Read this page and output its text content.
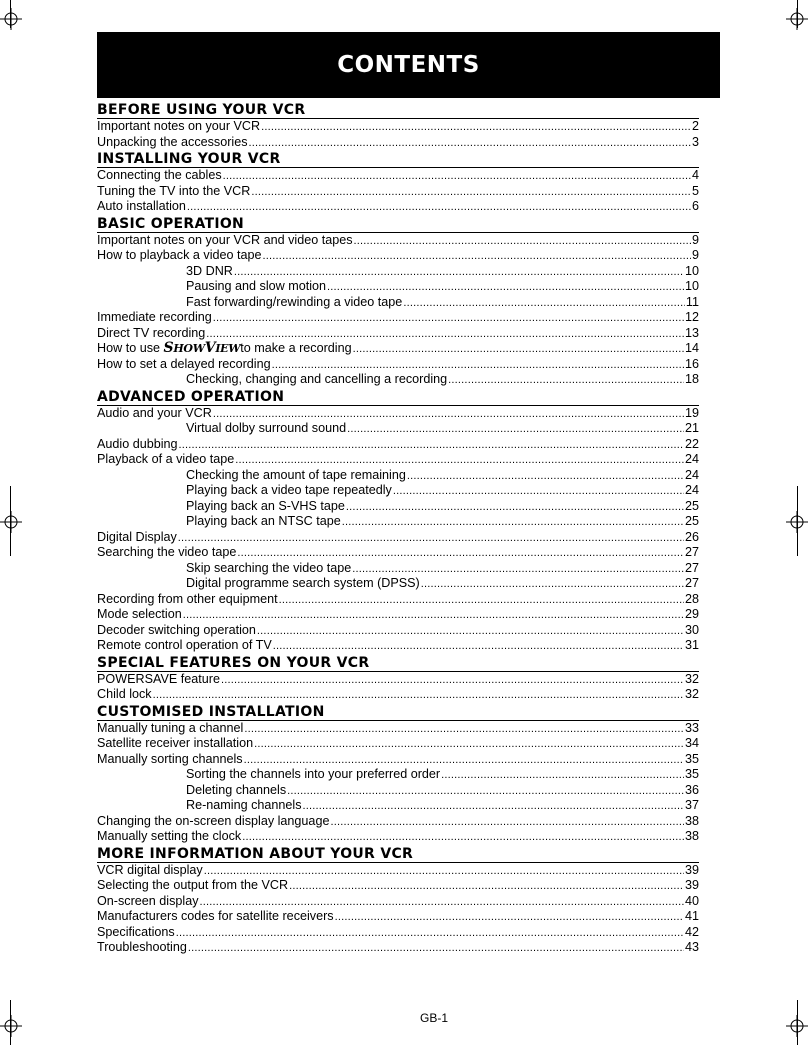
CONTENTS
BEFORE USING YOUR VCR
Important notes on your VCR .....	2
Unpacking the accessories .....	3
INSTALLING YOUR VCR
Connecting the cables .....	4
Tuning the TV into the VCR .....	5
Auto installation .....	6
BASIC OPERATION
Important notes on your VCR and video tapes .....	9
How to playback a video tape .....	9
3D DNR .....	10
Pausing and slow motion .....	10
Fast forwarding/rewinding a video tape .....	11
Immediate recording .....	12
Direct TV recording .....	13
How to use SHOWVIEWto make a recording .....	14
How to set a delayed recording .....	16
Checking, changing and cancelling a recording .....	18
ADVANCED OPERATION
Audio and your VCR .....	19
Virtual dolby surround sound .....	21
Audio dubbing .....	22
Playback of a video tape .....	24
Checking the amount of tape remaining .....	24
Playing back a video tape repeatedly .....	24
Playing back an S-VHS tape .....	25
Playing back an NTSC tape .....	25
Digital Display .....	26
Searching the video tape .....	27
Skip searching the video tape .....	27
Digital programme search system (DPSS) .....	27
Recording from other equipment .....	28
Mode selection .....	29
Decoder switching operation .....	30
Remote control operation of TV .....	31
SPECIAL FEATURES ON YOUR VCR
POWERSAVE feature .....	32
Child lock .....	32
CUSTOMISED INSTALLATION
Manually tuning a channel .....	33
Satellite receiver installation .....	34
Manually sorting channels .....	35
Sorting the channels into your preferred order .....	35
Deleting channels .....	36
Re-naming channels .....	37
Changing the on-screen display language .....	38
Manually setting the clock .....	38
MORE INFORMATION ABOUT YOUR VCR
VCR digital display .....	39
Selecting the output from the VCR .....	39
On-screen display .....	40
Manufacturers codes for satellite receivers .....	41
Specifications .....	42
Troubleshooting .....	43
GB-1
